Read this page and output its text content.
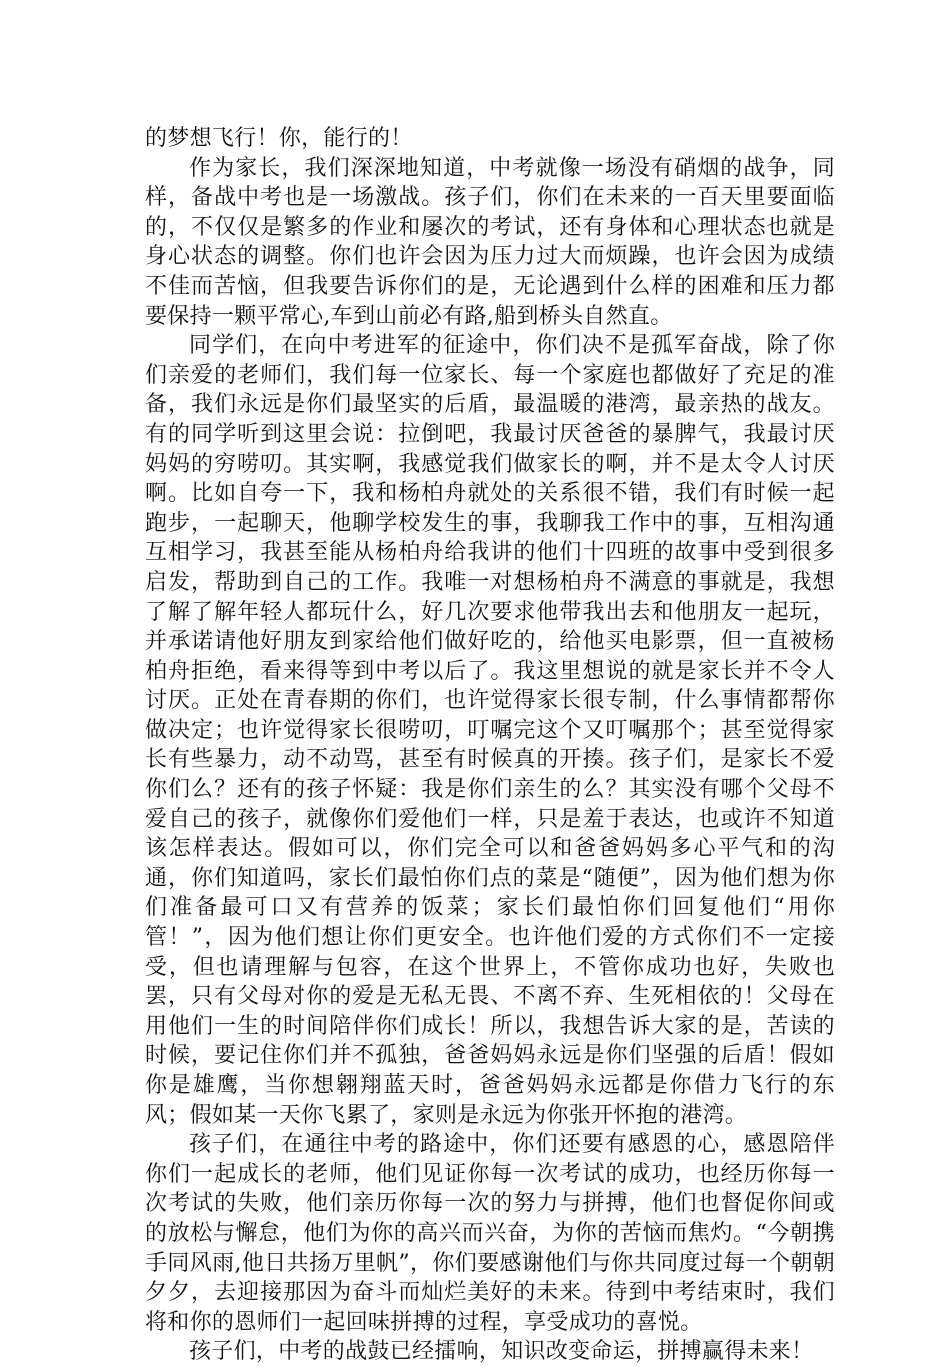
的梦想飞行！你，能行的！

作为家长，我们深深地知道，中考就像一场没有硝烟的战争，同样，备战中考也是一场激战。孩子们，你们在未来的一百天里要面临的，不仅仅是繁多的作业和屡次的考试，还有身体和心理状态也就是身心状态的调整。你们也许会因为压力过大而烦躁，也许会因为成绩不佳而苦恼，但我要告诉你们的是，无论遇到什么样的困难和压力都要保持一颗平常心,车到山前必有路,船到桥头自然直。

同学们，在向中考进军的征途中，你们决不是孤军奋战，除了你们亲爱的老师们，我们每一位家长、每一个家庭也都做好了充足的准备，我们永远是你们最坚实的后盾，最温暖的港湾，最亲热的战友。有的同学听到这里会说：拉倒吧，我最讨厌爸爸的暴脾气，我最讨厌妈妈的穷唠叨。其实啊，我感觉我们做家长的啊，并不是太令人讨厌啊。比如自夸一下，我和杨柏舟就处的关系很不错，我们有时候一起跑步，一起聊天，他聊学校发生的事，我聊我工作中的事，互相沟通互相学习，我甚至能从杨柏舟给我讲的他们十四班的故事中受到很多启发，帮助到自己的工作。我唯一对想杨柏舟不满意的事就是，我想了解了解年轻人都玩什么，好几次要求他带我出去和他朋友一起玩，并承诺请他好朋友到家给他们做好吃的，给他买电影票，但一直被杨柏舟拒绝，看来得等到中考以后了。我这里想说的就是家长并不令人讨厌。正处在青春期的你们，也许觉得家长很专制，什么事情都帮你做决定；也许觉得家长很唠叨，叮嘱完这个又叮嘱那个；甚至觉得家长有些暴力，动不动骂，甚至有时候真的开揍。孩子们，是家长不爱你们么？还有的孩子怀疑：我是你们亲生的么？其实没有哪个父母不爱自己的孩子，就像你们爱他们一样，只是羞于表达，也或许不知道该怎样表达。假如可以，你们完全可以和爸爸妈妈多心平气和的沟通，你们知道吗，家长们最怕你们点的菜是“随便”，因为他们想为你们准备最可口又有营养的饭菜；家长们最怕你们回复他们“用你管！”，因为他们想让你们更安全。也许他们爱的方式你们不一定接受，但也请理解与包容，在这个世界上，不管你成功也好，失败也罢，只有父母对你的爱是无私无畏、不离不弃、生死相依的！父母在用他们一生的时间陪伴你们成长！所以，我想告诉大家的是，苦读的时候，要记住你们并不孤独，爸爸妈妈永远是你们坚强的后盾！假如你是雄鹰，当你想翱翔蓝天时，爸爸妈妈永远都是你借力飞行的东风；假如某一天你飞累了，家则是永远为你张开怀抱的港湾。

孩子们，在通往中考的路途中，你们还要有感恩的心，感恩陪伴你们一起成长的老师，他们见证你每一次考试的成功，也经历你每一次考试的失败，他们亲历你每一次的努力与拼搏，他们也督促你间或的放松与懈怠，他们为你的高兴而兴奋，为你的苦恼而焦灼。“今朝携手同风雨,他日共扬万里帆”，你们要感谢他们与你共同度过每一个朝朝夕夕，去迎接那因为奋斗而灿烂美好的未来。待到中考结束时，我们将和你的恩师们一起回味拼搏的过程，享受成功的喜悦。

孩子们，中考的战鼓已经擂响，知识改变命运，拼搏赢得未来！
